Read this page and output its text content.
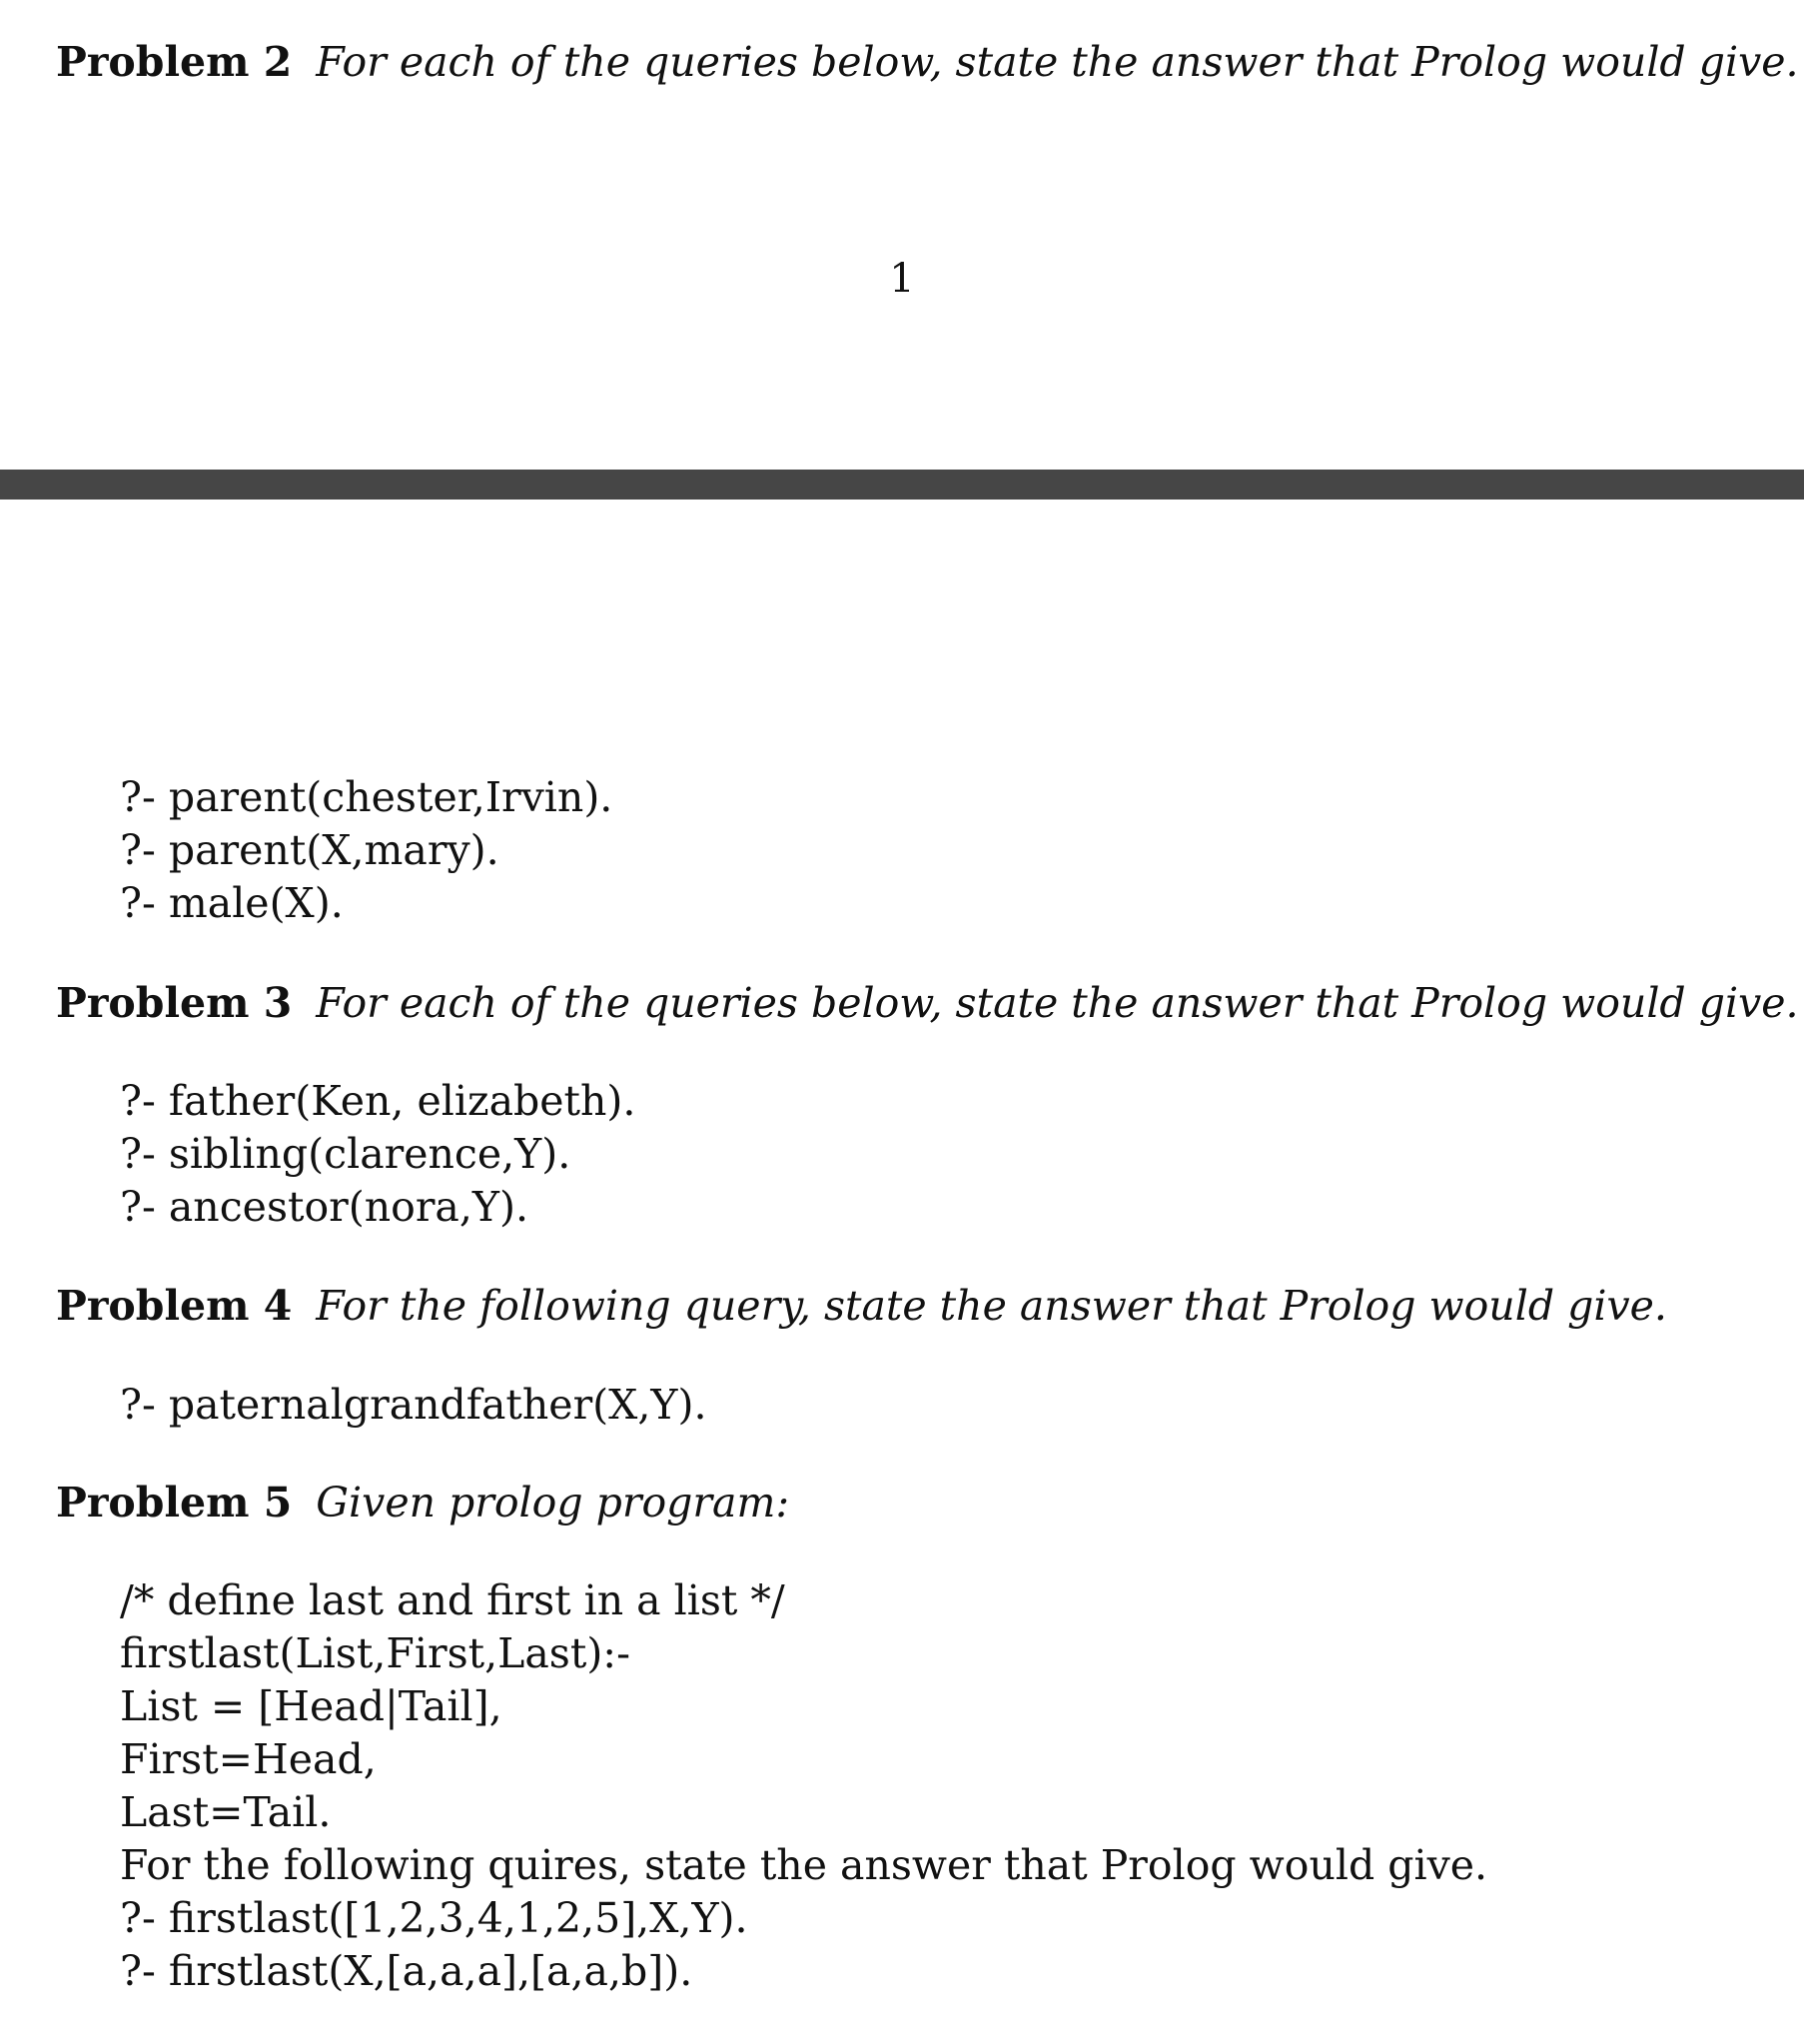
Problem 2 For each of the queries below, state the answer that Prolog would give.
1
?- parent(chester,Irvin).
?- parent(X,mary).
?- male(X).
Problem 3 For each of the queries below, state the answer that Prolog would give.
?- father(Ken, elizabeth).
?- sibling(clarence,Y).
?- ancestor(nora,Y).
Problem 4 For the following query, state the answer that Prolog would give.
?- paternalgrandfather(X,Y).
Problem 5 Given prolog program:
/* define last and first in a list */
firstlast(List,First,Last):-
List = [Head|Tail],
First=Head,
Last=Tail.
For the following quires, state the answer that Prolog would give.
?- firstlast([1,2,3,4,1,2,5],X,Y).
?- firstlast(X,[a,a,a],[a,a,b]).
